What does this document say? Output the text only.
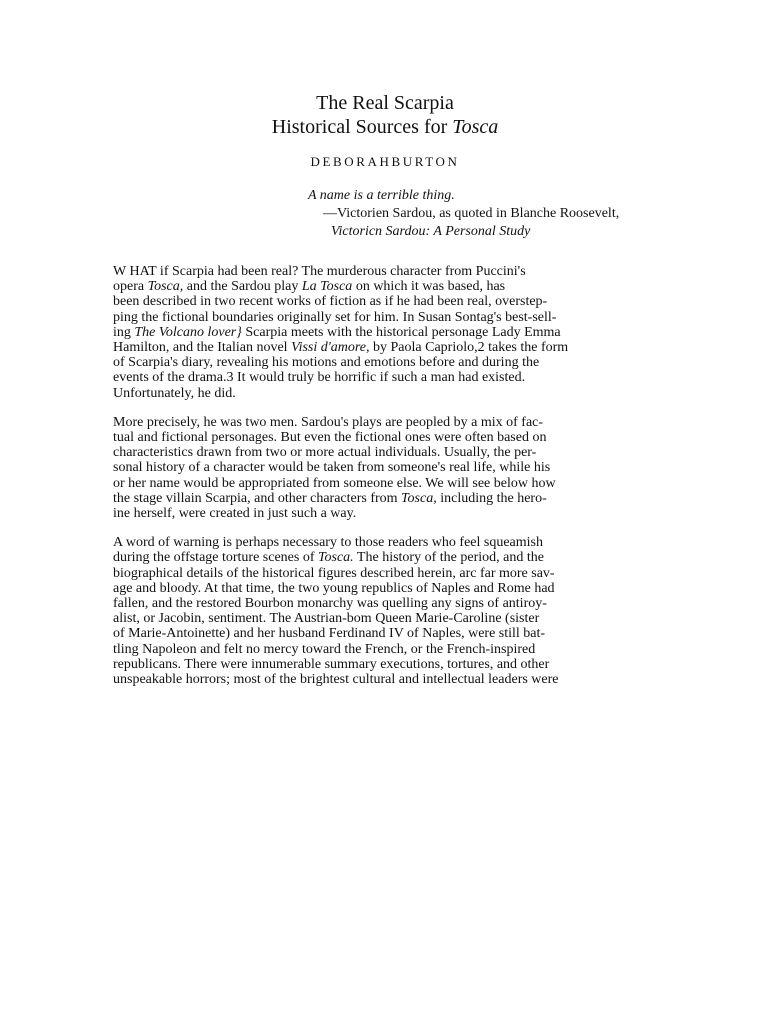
The Real Scarpia
Historical Sources for Tosca
DEBORAHBURTON
A name is a terrible thing.
—Victorien Sardou, as quoted in Blanche Roosevelt,
Victoricn Sardou: A Personal Study
W HAT if Scarpia had been real? The murderous character from Puccini's
opera Tosca, and the Sardou play La Tosca on which it was based, has
been described in two recent works of fiction as if he had been real, overstep-
ping the fictional boundaries originally set for him. In Susan Sontag's best-sell-
ing The Volcano lover} Scarpia meets with the historical personage Lady Emma
Hamilton, and the Italian novel Vissi d'amore, by Paola Capriolo,2 takes the form
of Scarpia's diary, revealing his motions and emotions before and during the
events of the drama.3 It would truly be horrific if such a man had existed.
Unfortunately, he did.
More precisely, he was two men. Sardou's plays are peopled by a mix of fac-
tual and fictional personages. But even the fictional ones were often based on
characteristics drawn from two or more actual individuals. Usually, the per-
sonal history of a character would be taken from someone's real life, while his
or her name would be appropriated from someone else. We will see below how
the stage villain Scarpia, and other characters from Tosca, including the hero-
ine herself, were created in just such a way.
A word of warning is perhaps necessary to those readers who feel squeamish
during the offstage torture scenes of Tosca. The history of the period, and the
biographical details of the historical figures described herein, arc far more sav-
age and bloody. At that time, the two young republics of Naples and Rome had
fallen, and the restored Bourbon monarchy was quelling any signs of antiroy-
alist, or Jacobin, sentiment. The Austrian-bom Queen Marie-Caroline (sister
of Marie-Antoinette) and her husband Ferdinand IV of Naples, were still bat-
tling Napoleon and felt no mercy toward the French, or the French-inspired
republicans. There were innumerable summary executions, tortures, and other
unspeakable horrors; most of the brightest cultural and intellectual leaders were
